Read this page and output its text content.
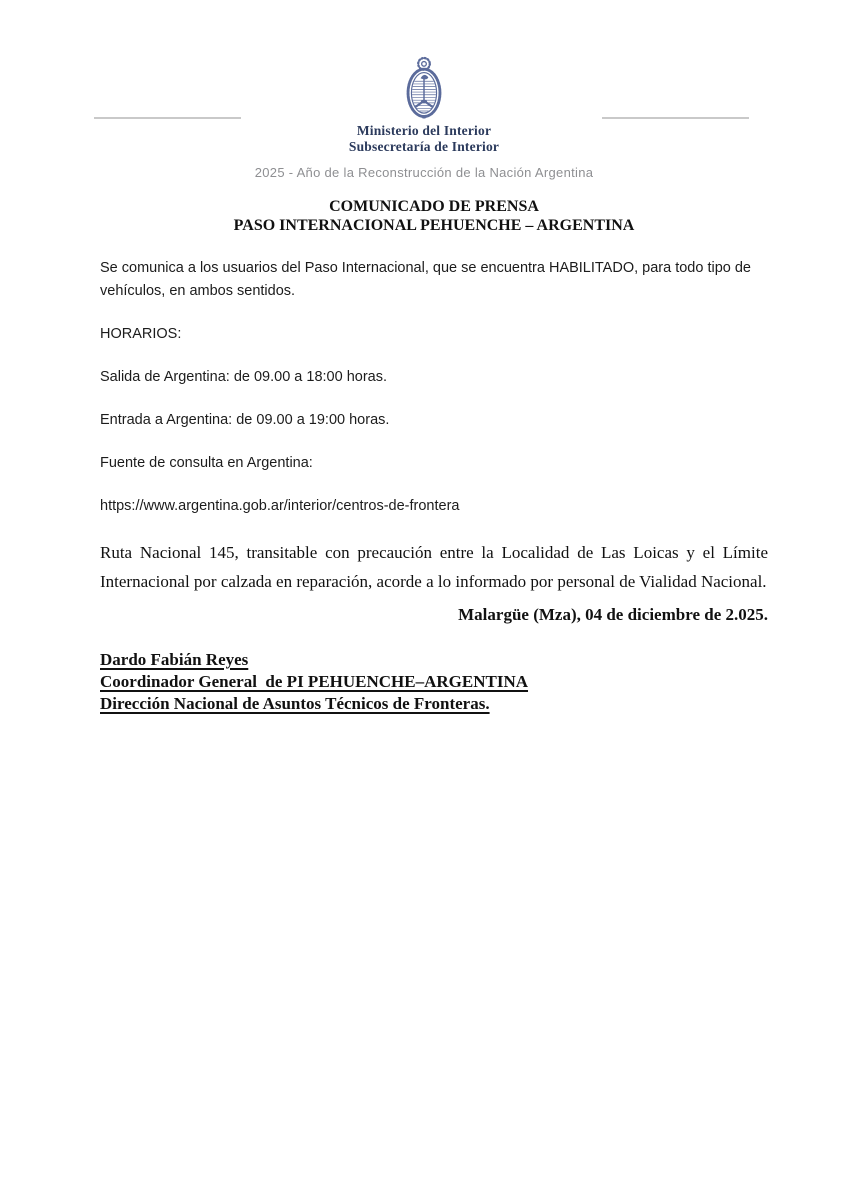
Ministerio del Interior
Subsecretaría de Interior
2025 - Año de la Reconstrucción de la Nación Argentina
COMUNICADO DE PRENSA
PASO INTERNACIONAL PEHUENCHE – ARGENTINA

Se comunica a los usuarios del Paso Internacional, que se encuentra HABILITADO, para todo tipo de vehículos, en ambos sentidos.

HORARIOS:

Salida de Argentina: de 09.00 a 18:00 horas.

Entrada a Argentina: de 09.00 a 19:00 horas.

Fuente de consulta en Argentina:

https://www.argentina.gob.ar/interior/centros-de-frontera

Ruta Nacional 145, transitable con precaución entre la Localidad de Las Loicas y el Límite Internacional por calzada en reparación, acorde a lo informado por personal de Vialidad Nacional.

Malargüe (Mza), 04 de diciembre de 2.025.

Dardo Fabián Reyes
Coordinador General  de PI PEHUENCHE–ARGENTINA
Dirección Nacional de Asuntos Técnicos de Fronteras.
